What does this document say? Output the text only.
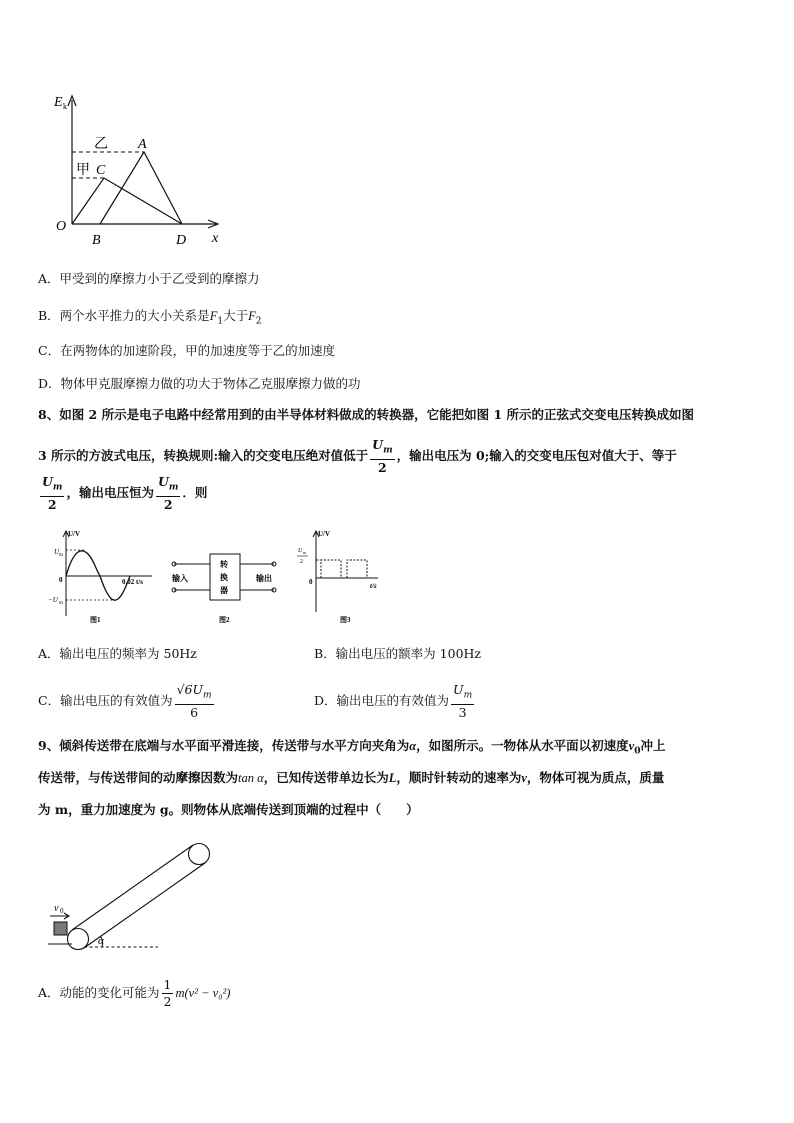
E k
x
O
乙 A
甲 C
B	D
A．甲受到的摩擦力小于乙受到的摩擦力
B．两个水平推力的大小关系是$F_1$大于$F_2$
C．在两物体的加速阶段，甲的加速度等于乙的加速度
D．物体甲克服摩擦力做的功大于物体乙克服摩擦力做的功
8、如图 2 所示是电子电路中经常用到的由半导体材料做成的转换器，它能把如图 1 所示的正弦式交变电压转换成如图
3 所示的方波式电压，转换规则:输入的交变电压绝对值低于 $\frac{U_m}{2}$ ，输出电压为 0;输入的交变电压包对值大于、等于
$\frac{U_m}{2}$ ，输出电压恒为 $\frac{U_m}{2}$ ．则
U/V
U m
0
−U m
0.02 t/s
图1
输入	输出
转
换
器
图2
U/V
U m
2
0	t/s
图3
A．输出电压的频率为 50Hz	B．输出电压的额率为 100Hz
C．输出电压的有效值为 $\frac{√6U_m}{6}$	D．输出电压的有效值为 $\frac{U_m}{3}$
9、倾斜传送带在底端与水平面平滑连接，传送带与水平方向夹角为α，如图所示。一物体从水平面以初速度$v_0$冲上
传送带，与传送带间的动摩擦因数为tan α，已知传送带单边长为L，顺时针转动的速率为v，物体可视为质点，质量
为 m，重力加速度为 g。则物体从底端传送到顶端的过程中（　　）
v 0
α
A．动能的变化可能为 $\frac{1}{2} m(v^2 - v_0^2)$
